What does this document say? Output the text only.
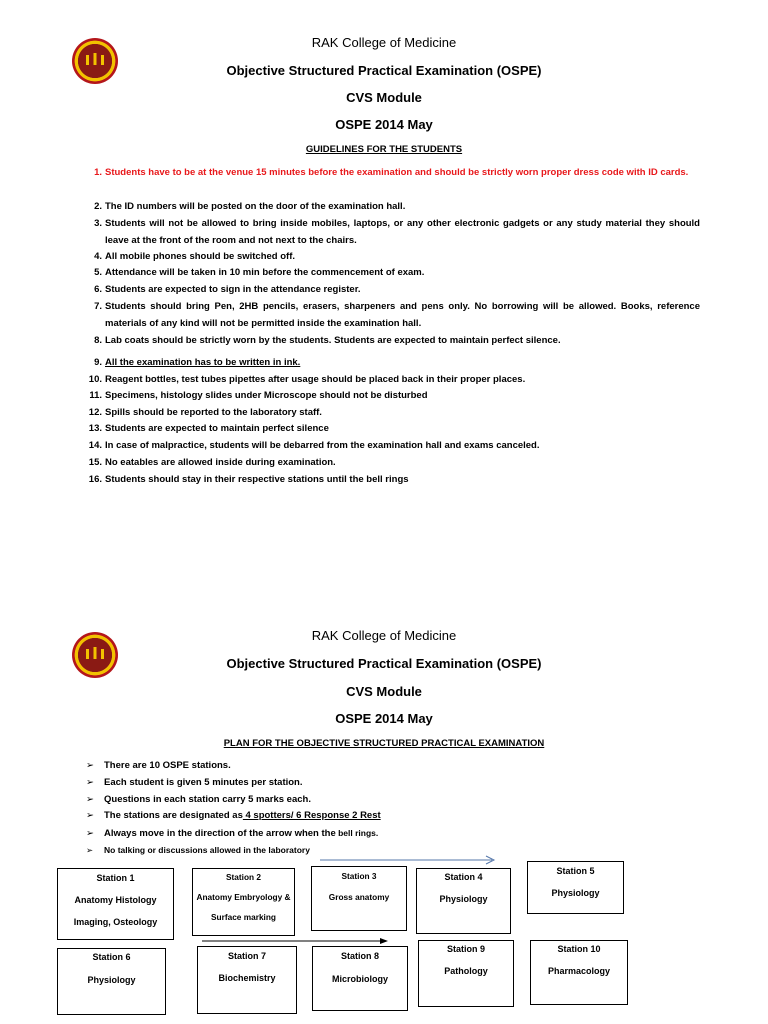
RAK College of Medicine
Objective Structured Practical Examination (OSPE)
CVS Module
OSPE 2014 May
GUIDELINES FOR THE STUDENTS
1. Students have to be at the venue 15 minutes before the examination and should be strictly worn proper dress code with ID cards.
2. The ID numbers will be posted on the door of the examination hall.
3. Students will not be allowed to bring inside mobiles, laptops, or any other electronic gadgets or any study material they should leave at the front of the room and not next to the chairs.
4. All mobile phones should be switched off.
5. Attendance will be taken in 10 min before the commencement of exam.
6. Students are expected to sign in the attendance register.
7. Students should bring Pen, 2HB pencils, erasers, sharpeners and pens only. No borrowing will be allowed. Books, reference materials of any kind will not be permitted inside the examination hall.
8. Lab coats should be strictly worn by the students. Students are expected to maintain perfect silence.
9. All the examination has to be written in ink.
10. Reagent bottles, test tubes pipettes after usage should be placed back in their proper places.
11. Specimens, histology slides under Microscope should not be disturbed
12. Spills should be reported to the laboratory staff.
13. Students are expected to maintain perfect silence
14. In case of malpractice, students will be debarred from the examination hall and exams canceled.
15. No eatables are allowed inside during examination.
16. Students should stay in their respective stations until the bell rings
RAK College of Medicine
Objective Structured Practical Examination (OSPE)
CVS Module
OSPE 2014 May
PLAN FOR THE OBJECTIVE STRUCTURED PRACTICAL EXAMINATION
➢ There are 10 OSPE stations.
➢ Each student is given 5 minutes per station.
➢ Questions in each station carry 5 marks each.
➢ The stations are designated as 4 spotters/ 6 Response 2 Rest
➢ Always move in the direction of the arrow when the bell rings.
➢ No talking or discussions allowed in the laboratory
Station 1
Anatomy Histology
Imaging, Osteology
Station 2
Anatomy Embryology &
Surface marking
Station 3
Gross anatomy
Station 4
Physiology
Station 5
Physiology
Station 6
Physiology
Station 7
Biochemistry
Station 8
Microbiology
Station 9
Pathology
Station 10
Pharmacology
